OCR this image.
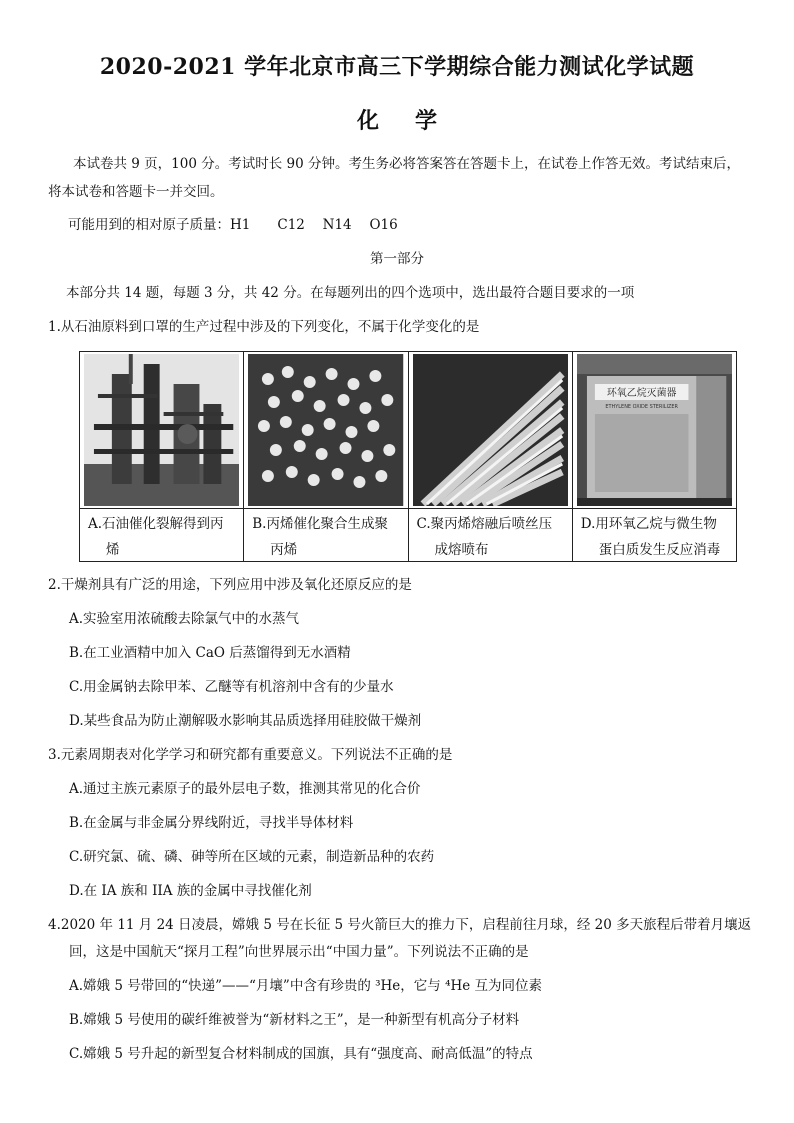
2020-2021 学年北京市高三下学期综合能力测试化学试题
化学
本试卷共 9 页，100 分。考试时长 90 分钟。考生务必将答案答在答题卡上，在试卷上作答无效。考试结束后，
将本试卷和答题卡一并交回。
可能用到的相对原子质量：H1　　C12　 N14　 O16
第一部分
本部分共 14 题，每题 3 分，共 42 分。在每题列出的四个选项中，选出最符合题目要求的一项
1.从石油原料到口罩的生产过程中涉及的下列变化，不属于化学变化的是

环氧乙烷灭菌器
ETHYLENE OXIDE STERILIZER

A.石油催化裂解得到丙
烯	B.丙烯催化聚合生成聚
丙烯	C.聚丙烯熔融后喷丝压
成熔喷布	D.用环氧乙烷与微生物
蛋白质发生反应消毒
2.干燥剂具有广泛的用途，下列应用中涉及氧化还原反应的是
A.实验室用浓硫酸去除氯气中的水蒸气
B.在工业酒精中加入 CaO 后蒸馏得到无水酒精
C.用金属钠去除甲苯、乙醚等有机溶剂中含有的少量水
D.某些食品为防止潮解吸水影响其品质选择用硅胶做干燥剂
3.元素周期表对化学学习和研究都有重要意义。下列说法不正确的是
A.通过主族元素原子的最外层电子数，推测其常见的化合价
B.在金属与非金属分界线附近，寻找半导体材料
C.研究氯、硫、磷、砷等所在区域的元素，制造新品种的农药
D.在 IA 族和 IIA 族的金属中寻找催化剂
4.2020 年 11 月 24 日凌晨，嫦娥 5 号在长征 5 号火箭巨大的推力下，启程前往月球，经 20 多天旅程后带着月壤返
回，这是中国航天“探月工程”向世界展示出“中国力量”。下列说法不正确的是
A.嫦娥 5 号带回的“快递”——“月壤”中含有珍贵的 ³He，它与 ⁴He 互为同位素
B.嫦娥 5 号使用的碳纤维被誉为“新材料之王”，是一种新型有机高分子材料
C.嫦娥 5 号升起的新型复合材料制成的国旗，具有“强度高、耐高低温”的特点
